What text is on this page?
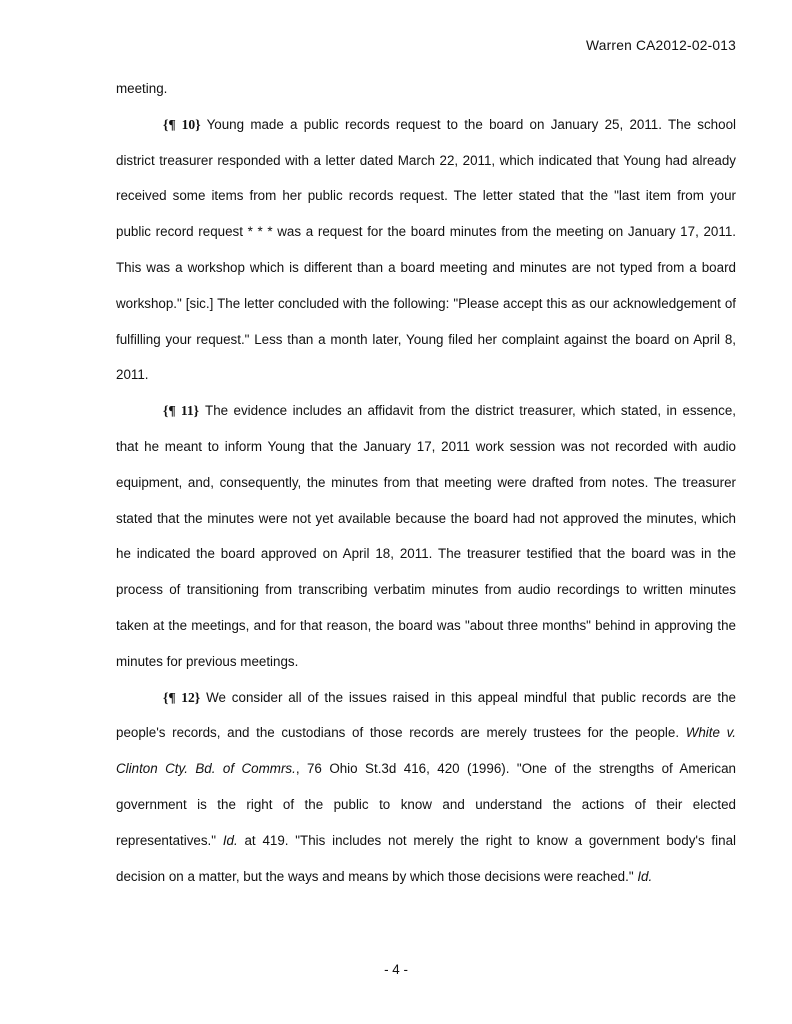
Warren CA2012-02-013

meeting.

{¶ 10} Young made a public records request to the board on January 25, 2011. The school district treasurer responded with a letter dated March 22, 2011, which indicated that Young had already received some items from her public records request. The letter stated that the "last item from your public record request * * * was a request for the board minutes from the meeting on January 17, 2011. This was a workshop which is different than a board meeting and minutes are not typed from a board workshop." [sic.] The letter concluded with the following: "Please accept this as our acknowledgement of fulfilling your request." Less than a month later, Young filed her complaint against the board on April 8, 2011.

{¶ 11} The evidence includes an affidavit from the district treasurer, which stated, in essence, that he meant to inform Young that the January 17, 2011 work session was not recorded with audio equipment, and, consequently, the minutes from that meeting were drafted from notes. The treasurer stated that the minutes were not yet available because the board had not approved the minutes, which he indicated the board approved on April 18, 2011. The treasurer testified that the board was in the process of transitioning from transcribing verbatim minutes from audio recordings to written minutes taken at the meetings, and for that reason, the board was "about three months" behind in approving the minutes for previous meetings.

{¶ 12} We consider all of the issues raised in this appeal mindful that public records are the people's records, and the custodians of those records are merely trustees for the people. White v. Clinton Cty. Bd. of Commrs., 76 Ohio St.3d 416, 420 (1996). "One of the strengths of American government is the right of the public to know and understand the actions of their elected representatives." Id. at 419. "This includes not merely the right to know a government body's final decision on a matter, but the ways and means by which those decisions were reached." Id.

- 4 -
